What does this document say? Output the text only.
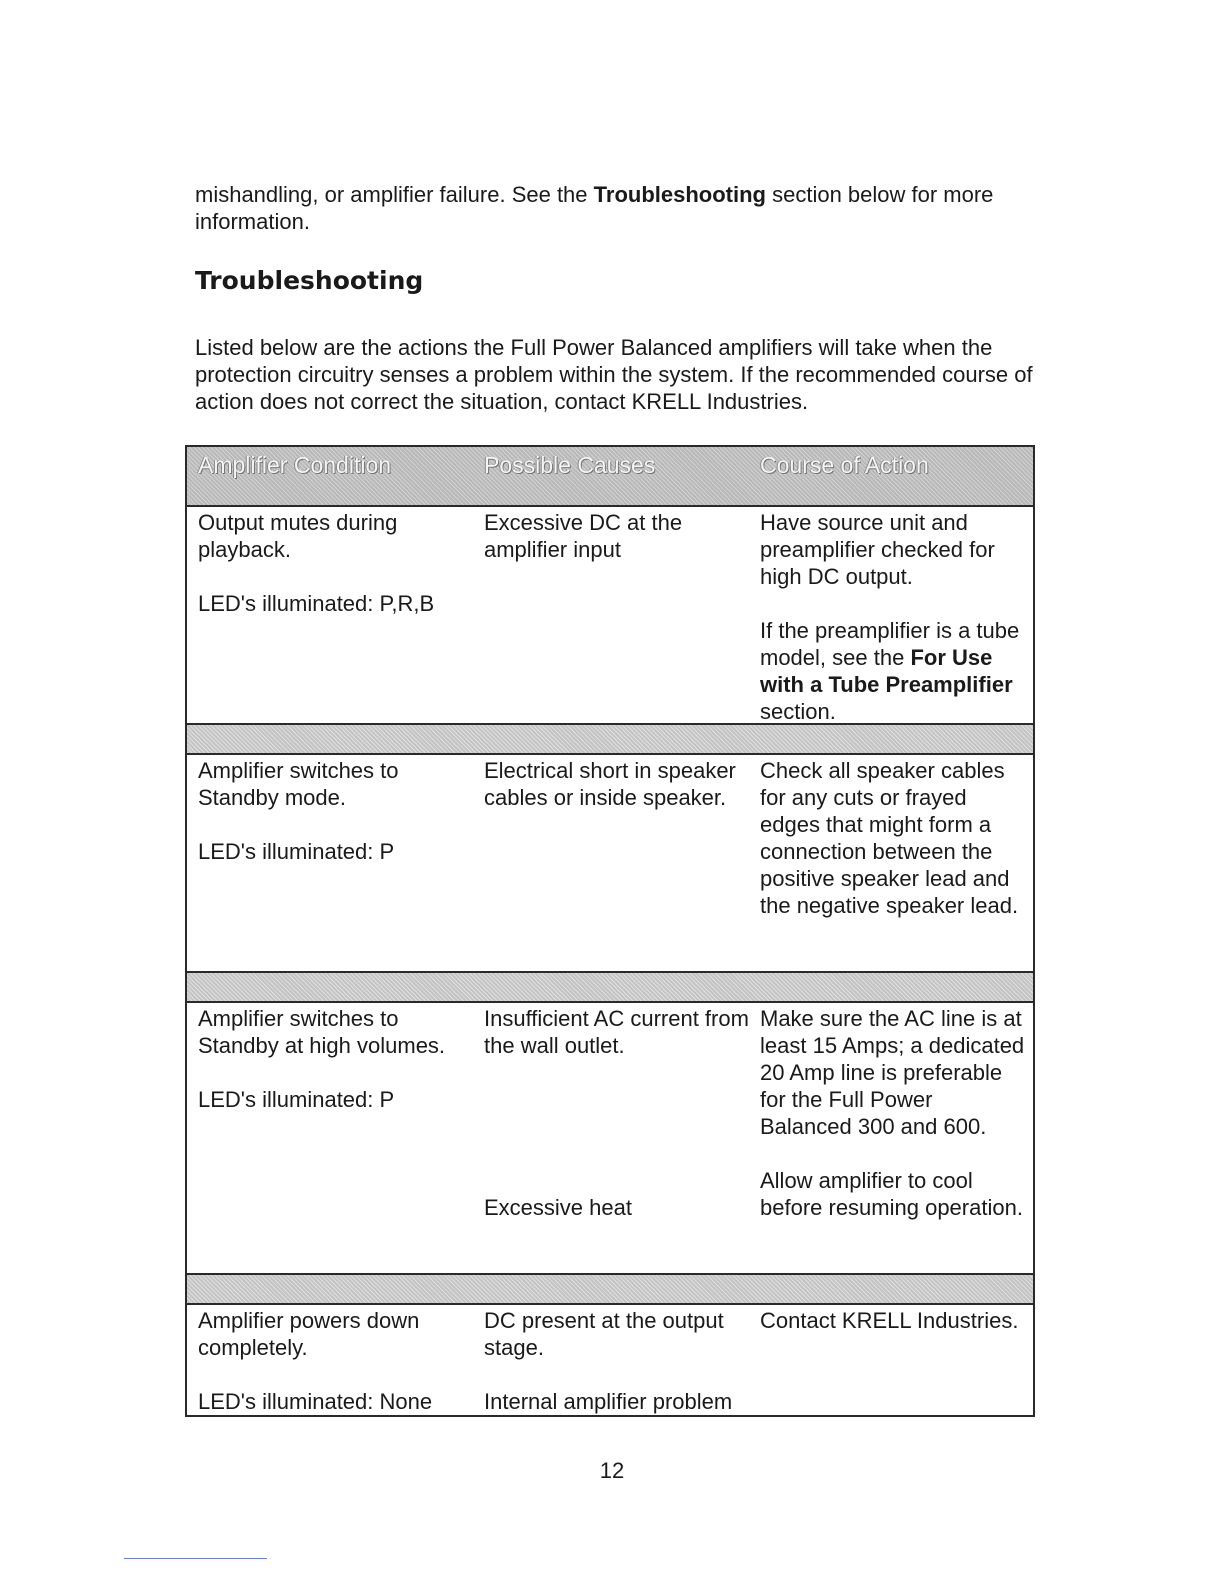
mishandling, or amplifier failure. See the Troubleshooting section below for more information.

Troubleshooting

Listed below are the actions the Full Power Balanced amplifiers will take when the protection circuitry senses a problem within the system. If the recommended course of action does not correct the situation, contact KRELL Industries.

Amplifier Condition	Possible Causes	Course of Action
Output mutes during playback.
LED's illuminated: P,R,B
Excessive DC at the amplifier input
Have source unit and preamplifier checked for high DC output.
If the preamplifier is a tube model, see the For Use with a Tube Preamplifier section.
Amplifier switches to Standby mode.
LED's illuminated: P
Electrical short in speaker cables or inside speaker.
Check all speaker cables for any cuts or frayed edges that might form a connection between the positive speaker lead and the negative speaker lead.
Amplifier switches to Standby at high volumes.
LED's illuminated: P
Insufficient AC current from the wall outlet.
Excessive heat
Make sure the AC line is at least 15 Amps; a dedicated 20 Amp line is preferable for the Full Power Balanced 300 and 600.
Allow amplifier to cool before resuming operation.
Amplifier powers down completely.
LED's illuminated: None
DC present at the output stage.
Internal amplifier problem
Contact KRELL Industries.
12
